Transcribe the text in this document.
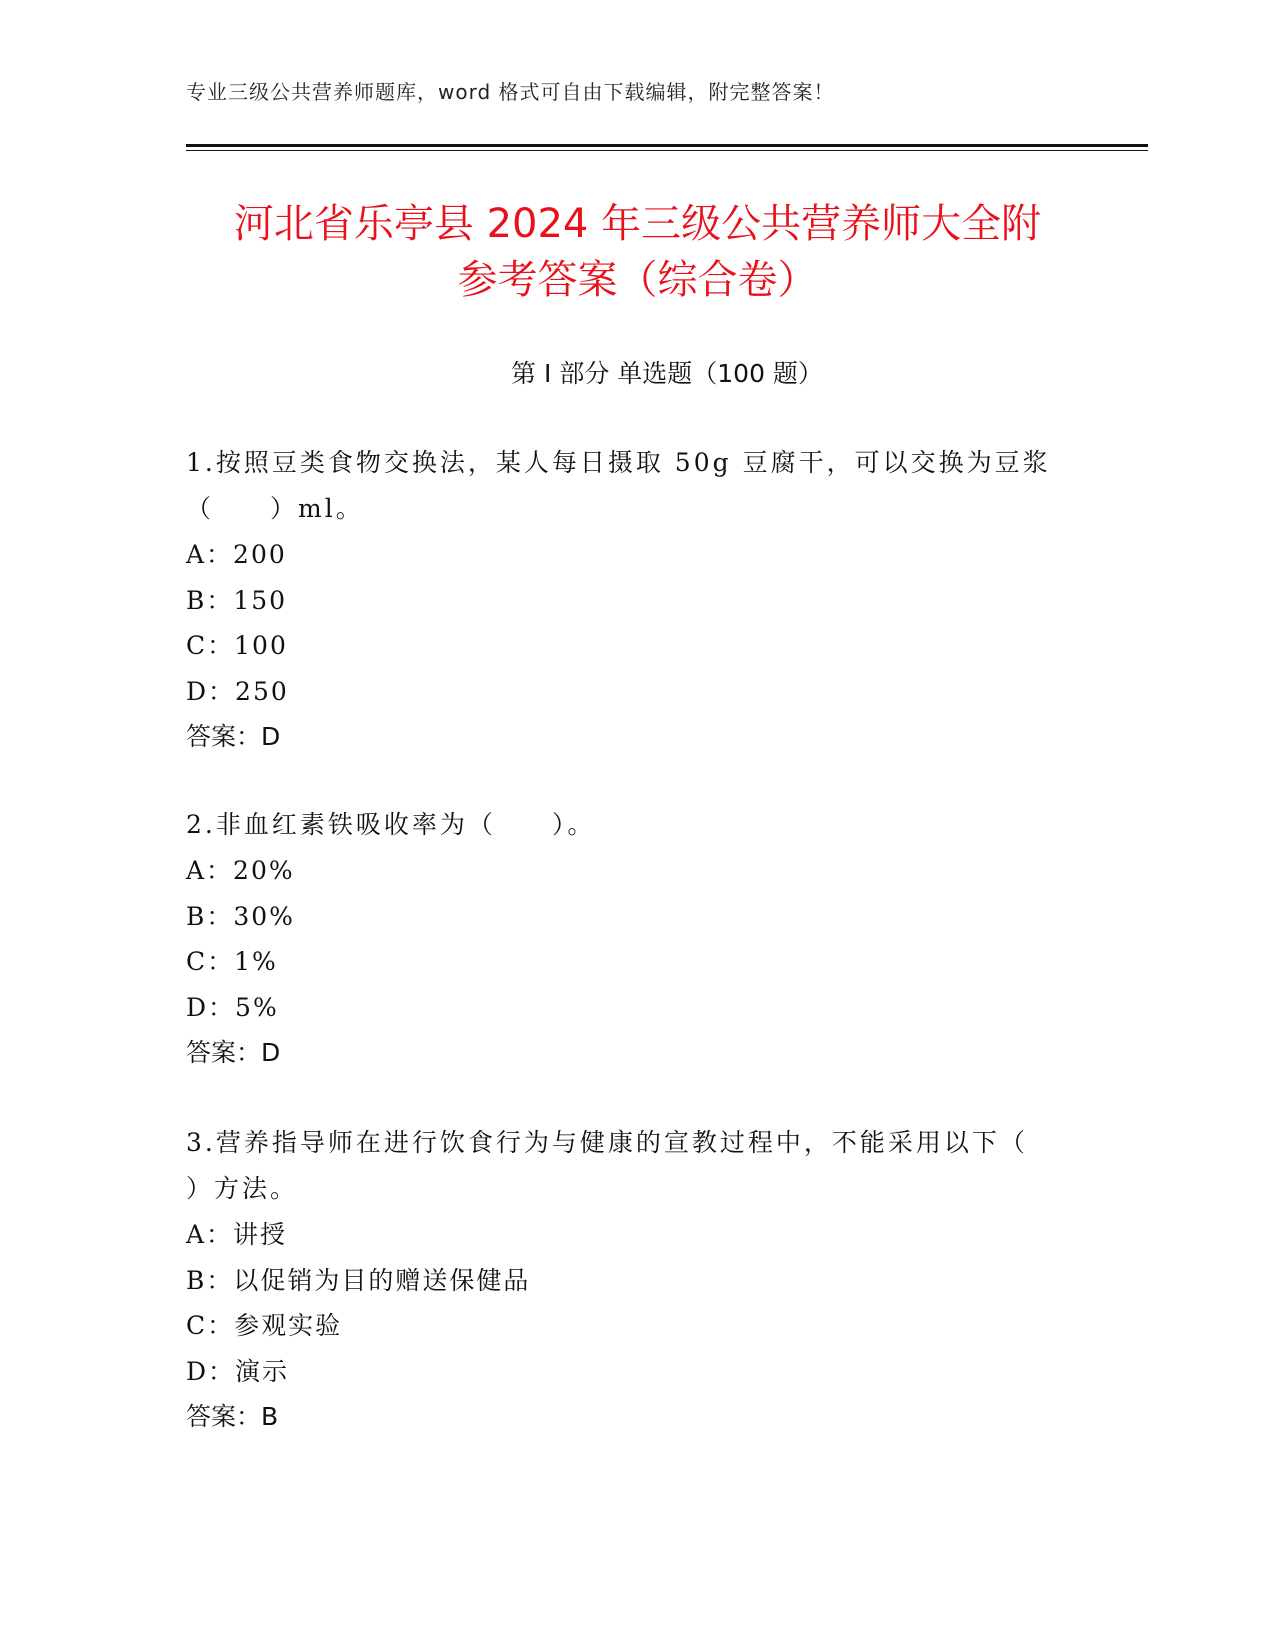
专业三级公共营养师题库，word 格式可自由下载编辑，附完整答案！
河北省乐亭县 2024 年三级公共营养师大全附
参考答案（综合卷）
第 I 部分 单选题（100 题）

1.按照豆类食物交换法，某人每日摄取 50g 豆腐干，可以交换为豆浆
（　　）ml。

A：200

B：150

C：100

D：250

答案：D

2.非血红素铁吸收率为（　　）。

A：20%

B：30%

C：1%

D：5%

答案：D

3.营养指导师在进行饮食行为与健康的宣教过程中，不能采用以下（
）方法。

A：讲授

B：以促销为目的赠送保健品

C：参观实验

D：演示

答案：B
